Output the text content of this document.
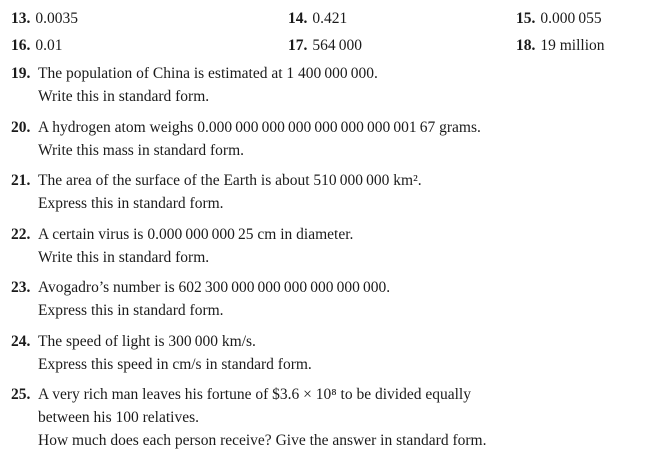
13. 0.0035	14. 0.421	15. 0.000 055
16. 0.01	17. 564 000	18. 19 million
19. The population of China is estimated at 1 400 000 000.
Write this in standard form.
20. A hydrogen atom weighs 0.000 000 000 000 000 000 000 001 67 grams.
Write this mass in standard form.
21. The area of the surface of the Earth is about 510 000 000 km².
Express this in standard form.
22. A certain virus is 0.000 000 000 25 cm in diameter.
Write this in standard form.
23. Avogadro’s number is 602 300 000 000 000 000 000 000.
Express this in standard form.
24. The speed of light is 300 000 km/s.
Express this speed in cm/s in standard form.
25. A very rich man leaves his fortune of $3.6 × 10⁸ to be divided equally
between his 100 relatives.
How much does each person receive? Give the answer in standard form.
